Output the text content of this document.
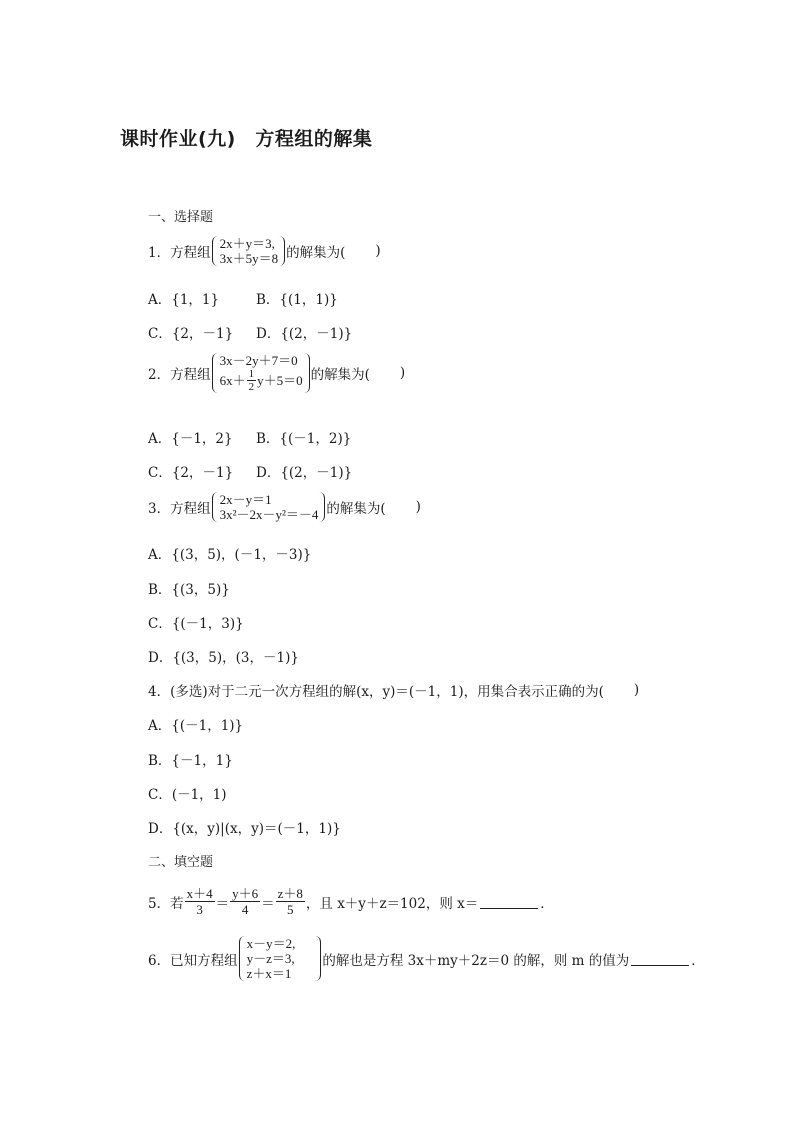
课时作业(九)　方程组的解集
一、选择题
1． 方程组
2x＋y＝3,
3x＋5y＝8 的解集为( )
A．{1，1}	B．{(1，1)}
C．{2，－1}	D．{(2，－1)}
2． 方程组
3x－2y＋7＝0
$6x+ \frac{1}{2} y+5=0$ 的解集为( )
A．{－1，2}	B．{(－1，2)}
C．{2，－1}	D．{(2，－1)}
3． 方程组
2x－y＝1
3x²－2x－y²＝－4 的解集为( )
A．{(3，5)，(－1，－3)}
B．{(3，5)}
C．{(－1，3)}
D．{(3，5)，(3，－1)}
4．(多选)对于二元一次方程组的解(x，y)＝(－1，1)，用集合表示正确的为( )
A．{(－1，1)}
B．{－1，1}
C．(－1，1)
D．{(x，y)|(x，y)＝(－1，1)}
二、填空题
5．若 $\frac{x+4}{3} = \frac{y+6}{4} = \frac{z+8}{5}$ ，且 x＋y＋z＝102，则 x＝	．
6．已知方程组
x－y＝2,
y－z＝3,
z＋x＝1
的解也是方程 3x＋my＋2z＝0 的解，则 m 的值为	．
